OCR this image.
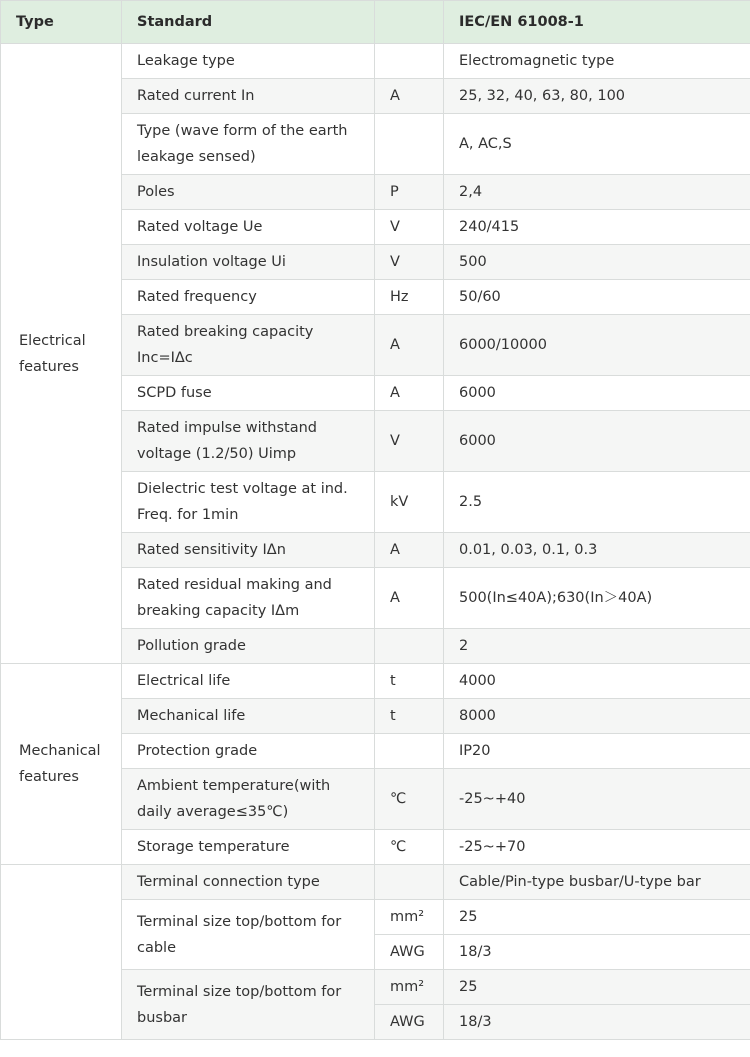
Type	Standard		IEC/EN 61008-1
Electrical features	Leakage type		Electromagnetic type
	Rated current In	A	25, 32, 40, 63, 80, 100
	Type (wave form of the earth leakage sensed)		A, AC,S
	Poles	P	2,4
	Rated voltage Ue	V	240/415
	Insulation voltage Ui	V	500
	Rated frequency	Hz	50/60
	Rated breaking capacity Inc=IΔc	A	6000/10000
	SCPD fuse	A	6000
	Rated impulse withstand voltage (1.2/50) Uimp	V	6000
	Dielectric test voltage at ind. Freq. for 1min	kV	2.5
	Rated sensitivity IΔn	A	0.01, 0.03, 0.1, 0.3
	Rated residual making and breaking capacity IΔm	A	500(In≤40A);630(In＞40A)
	Pollution grade		2
Mechanical features	Electrical life	t	4000
	Mechanical life	t	8000
	Protection grade		IP20
	Ambient temperature(with daily average≤35℃)	℃	-25~+40
	Storage temperature	℃	-25~+70
	Terminal connection type		Cable/Pin-type busbar/U-type bar
	Terminal size top/bottom for cable	mm²	25
		AWG	18/3
	Terminal size top/bottom for busbar	mm²	25
		AWG	18/3
